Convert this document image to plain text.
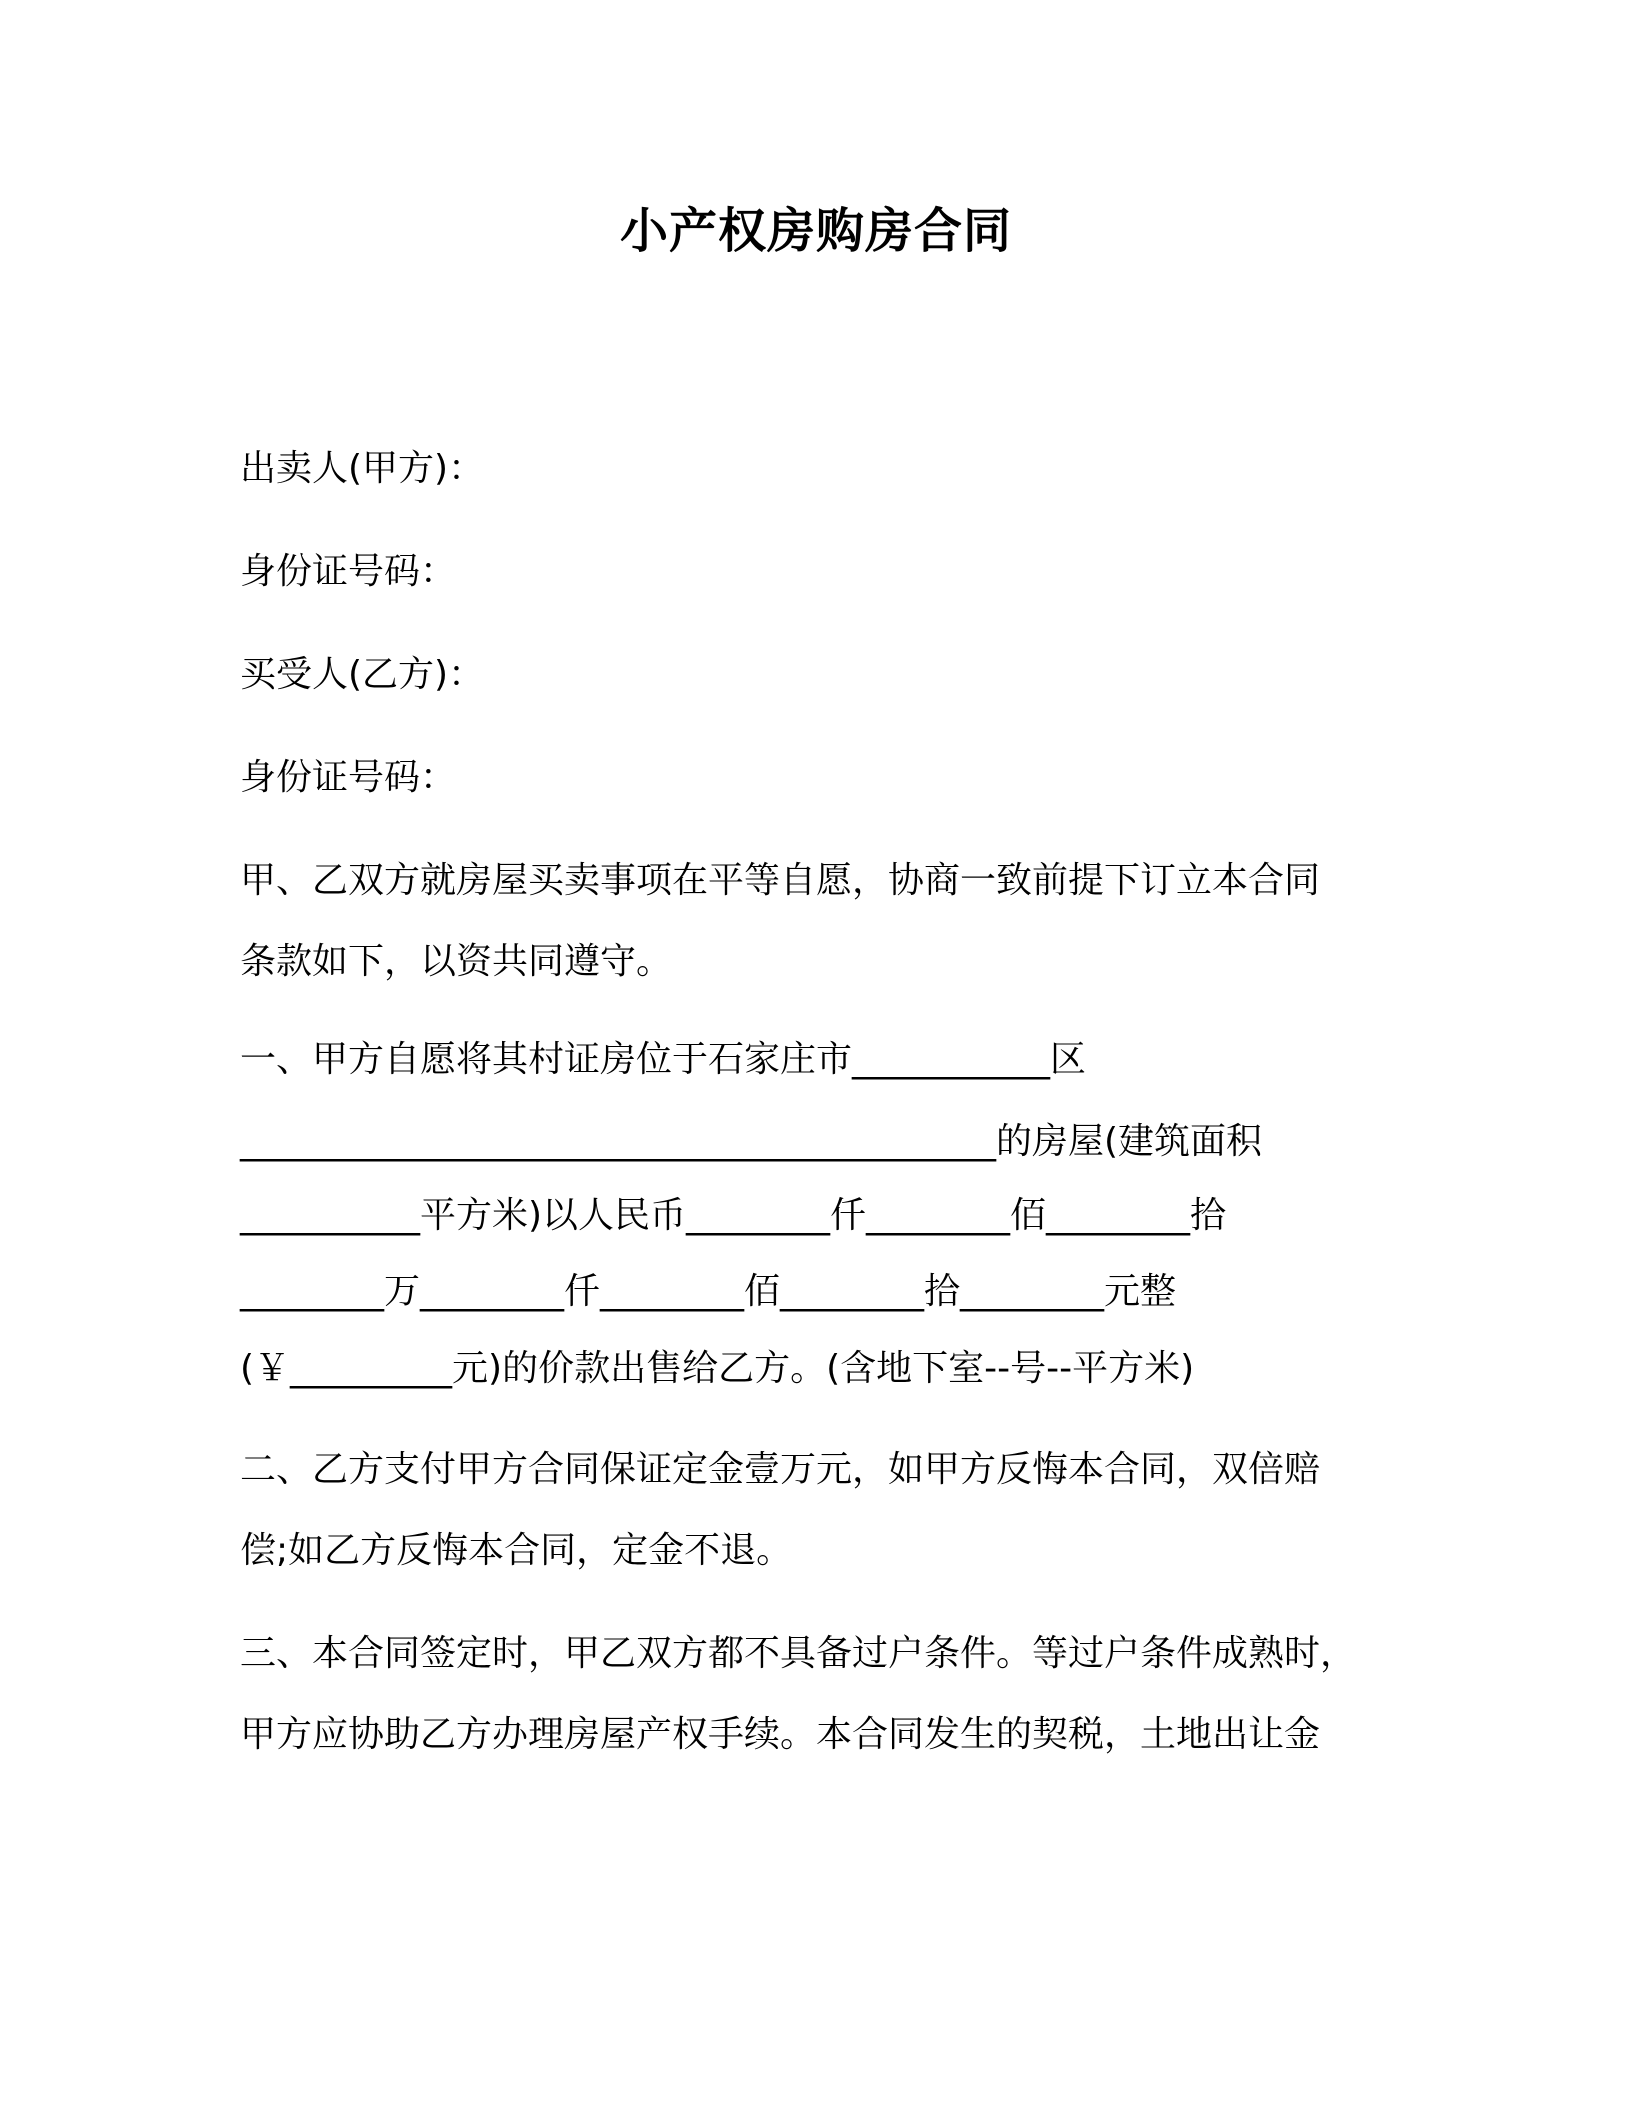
小产权房购房合同
出卖人(甲方)：
身份证号码：
买受人(乙方)：
身份证号码：
甲、乙双方就房屋买卖事项在平等自愿，协商一致前提下订立本合同
条款如下，以资共同遵守。
一、甲方自愿将其村证房位于石家庄市___________区
__________________________________________的房屋(建筑面积
__________平方米)以人民币________仟________佰________拾
________万________仟________佰________拾________元整
(￥_________元)的价款出售给乙方。(含地下室--号--平方米)
二、乙方支付甲方合同保证定金壹万元，如甲方反悔本合同，双倍赔
偿;如乙方反悔本合同，定金不退。
三、本合同签定时，甲乙双方都不具备过户条件。等过户条件成熟时，
甲方应协助乙方办理房屋产权手续。本合同发生的契税，土地出让金
